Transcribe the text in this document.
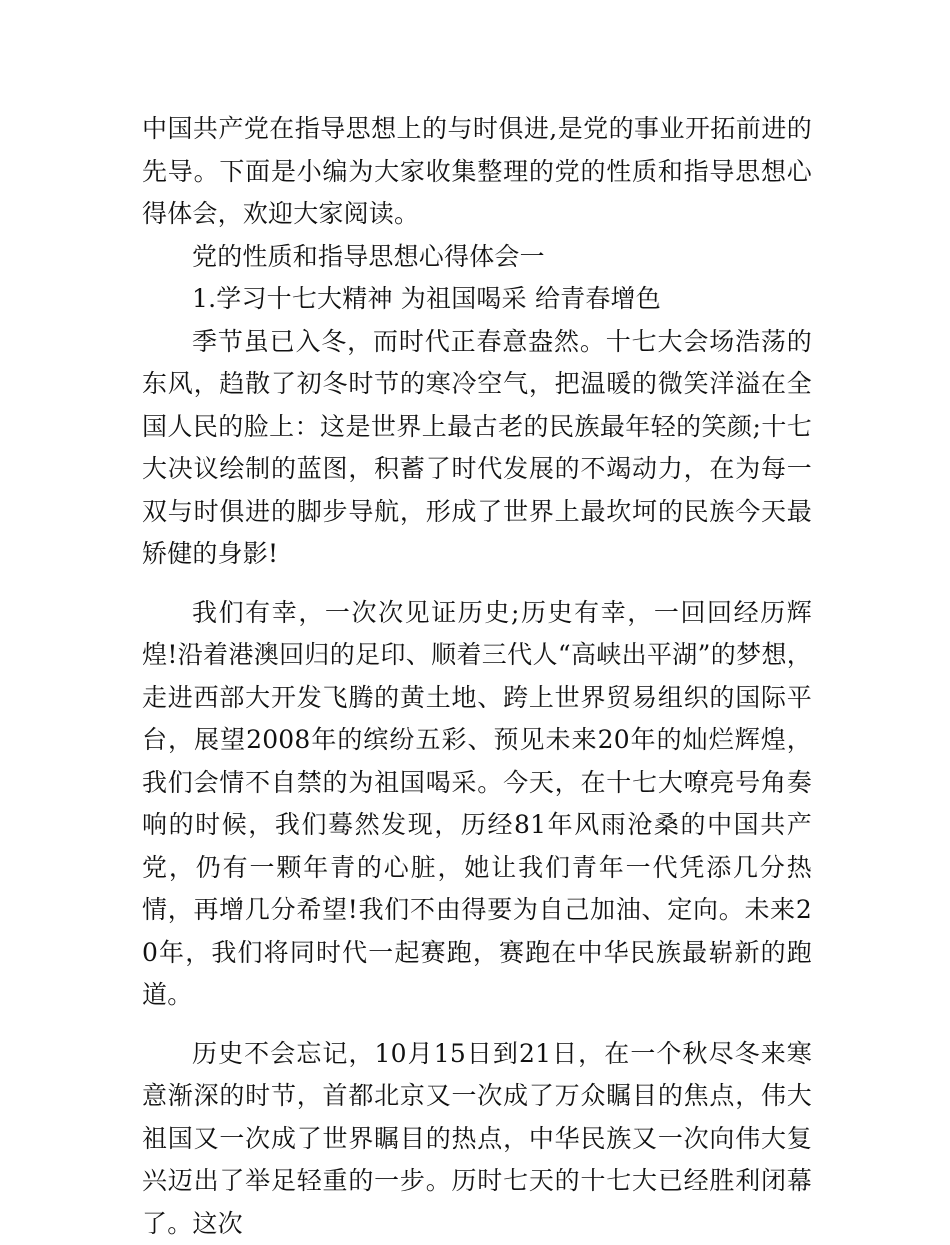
中国共产党在指导思想上的与时俱进,是党的事业开拓前进的先导。下面是小编为大家收集整理的党的性质和指导思想心得体会，欢迎大家阅读。

党的性质和指导思想心得体会一

1.学习十七大精神 为祖国喝采 给青春增色

季节虽已入冬，而时代正春意盎然。十七大会场浩荡的东风，趋散了初冬时节的寒冷空气，把温暖的微笑洋溢在全国人民的脸上：这是世界上最古老的民族最年轻的笑颜;十七大决议绘制的蓝图，积蓄了时代发展的不竭动力，在为每一双与时俱进的脚步导航，形成了世界上最坎坷的民族今天最矫健的身影!

我们有幸，一次次见证历史;历史有幸，一回回经历辉煌!沿着港澳回归的足印、顺着三代人“高峡出平湖”的梦想，走进西部大开发飞腾的黄土地、跨上世界贸易组织的国际平台，展望2008年的缤纷五彩、预见未来20年的灿烂辉煌，我们会情不自禁的为祖国喝采。今天，在十七大嘹亮号角奏响的时候，我们蓦然发现，历经81年风雨沧桑的中国共产党，仍有一颗年青的心脏，她让我们青年一代凭添几分热情，再增几分希望!我们不由得要为自己加油、定向。未来20年，我们将同时代一起赛跑，赛跑在中华民族最崭新的跑道。

历史不会忘记，10月15日到21日，在一个秋尽冬来寒意渐深的时节，首都北京又一次成了万众瞩目的焦点，伟大祖国又一次成了世界瞩目的热点，中华民族又一次向伟大复兴迈出了举足轻重的一步。历时七天的十七大已经胜利闭幕了。这次
